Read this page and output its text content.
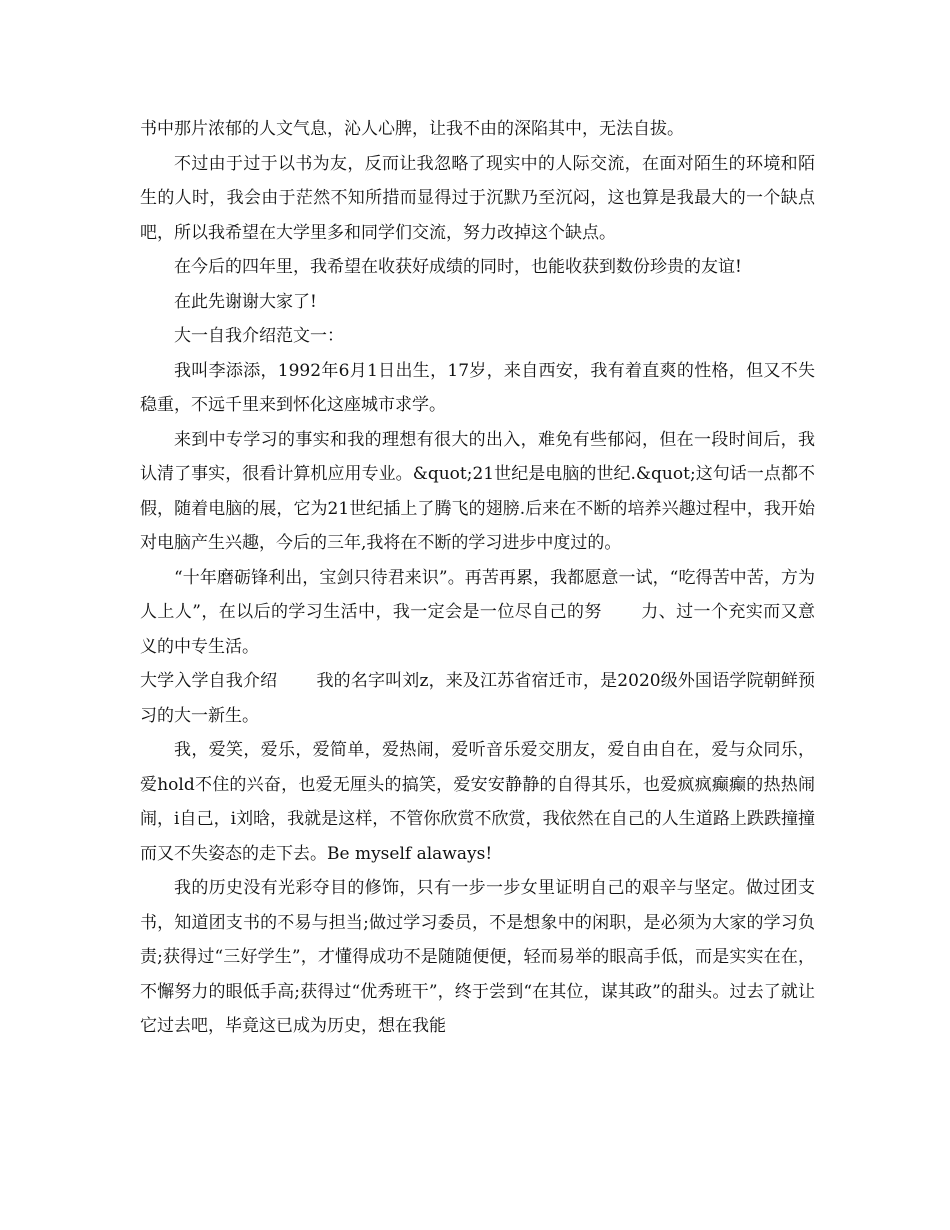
书中那片浓郁的人文气息，沁人心脾，让我不由的深陷其中，无法自拔。

不过由于过于以书为友，反而让我忽略了现实中的人际交流，在面对陌生的环境和陌生的人时，我会由于茫然不知所措而显得过于沉默乃至沉闷，这也算是我最大的一个缺点吧，所以我希望在大学里多和同学们交流，努力改掉这个缺点。

在今后的四年里，我希望在收获好成绩的同时，也能收获到数份珍贵的友谊!

在此先谢谢大家了!

大一自我介绍范文一：

我叫李添添，1992年6月1日出生，17岁，来自西安，我有着直爽的性格，但又不失稳重，不远千里来到怀化这座城市求学。

来到中专学习的事实和我的理想有很大的出入，难免有些郁闷，但在一段时间后，我认清了事实，很看计算机应用专业。&quot;21世纪是电脑的世纪.&quot;这句话一点都不假，随着电脑的展，它为21世纪插上了腾飞的翅膀.后来在不断的培养兴趣过程中，我开始对电脑产生兴趣，今后的三年,我将在不断的学习进步中度过的。

“十年磨砺锋利出，宝剑只待君来识”。再苦再累，我都愿意一试，“吃得苦中苦，方为人上人”，在以后的学习生活中，我一定会是一位尽自己的努 力、过一个充实而又意义的中专生活。

大学入学自我介绍 我的名字叫刘z，来及江苏省宿迁市，是2020级外国语学院朝鲜预习的大一新生。

我，爱笑，爱乐，爱简单，爱热闹，爱听音乐爱交朋友，爱自由自在，爱与众同乐，爱hold不住的兴奋，也爱无厘头的搞笑，爱安安静静的自得其乐，也爱疯疯癫癫的热热闹闹，i自己，i刘晗，我就是这样，不管你欣赏不欣赏，我依然在自己的人生道路上跌跌撞撞而又不失姿态的走下去。Be myself alaways!

我的历史没有光彩夺目的修饰，只有一步一步女里证明自己的艰辛与坚定。做过团支书，知道团支书的不易与担当;做过学习委员，不是想象中的闲职，是必须为大家的学习负责;获得过“三好学生”，才懂得成功不是随随便便，轻而易举的眼高手低，而是实实在在，不懈努力的眼低手高;获得过“优秀班干”，终于尝到“在其位，谋其政”的甜头。过去了就让它过去吧，毕竟这已成为历史，想在我能
